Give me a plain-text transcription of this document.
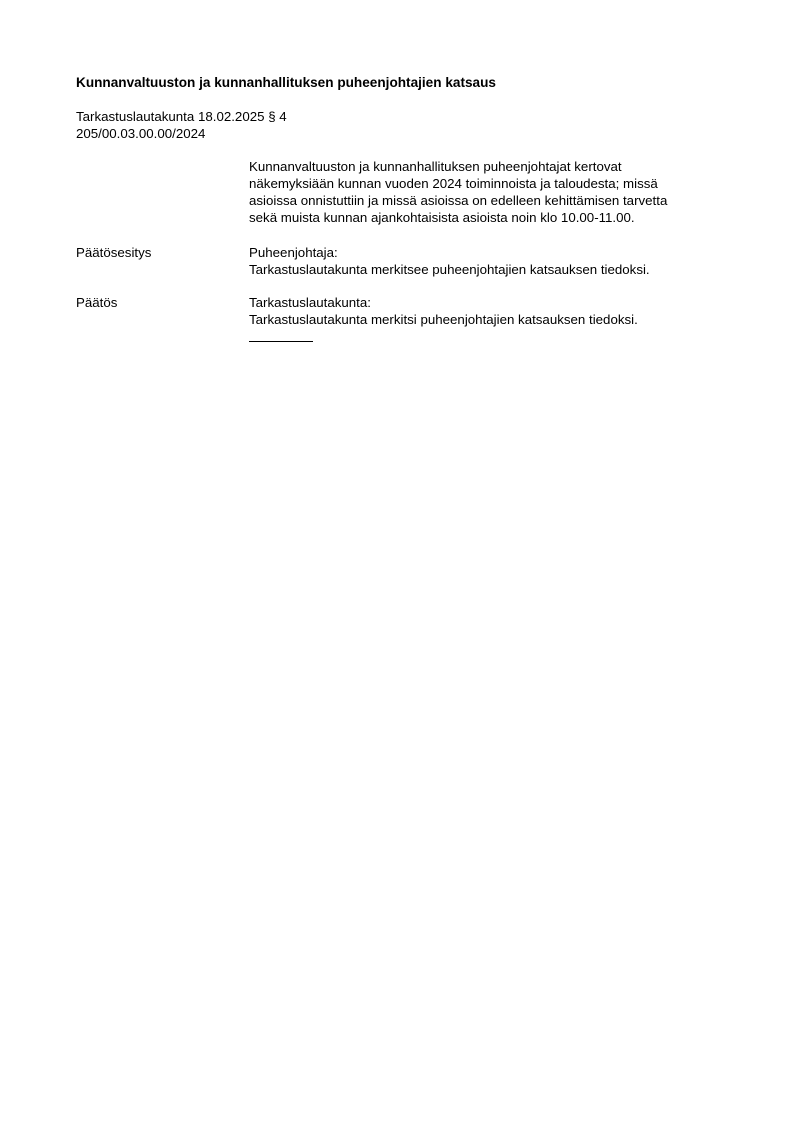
Kunnanvaltuuston ja kunnanhallituksen puheenjohtajien katsaus
Tarkastuslautakunta 18.02.2025 § 4
205/00.03.00.00/2024
Kunnanvaltuuston ja kunnanhallituksen puheenjohtajat kertovat
näkemyksiään kunnan vuoden 2024 toiminnoista ja taloudesta; missä
asioissa onnistuttiin ja missä asioissa on edelleen kehittämisen tarvetta
sekä muista kunnan ajankohtaisista asioista noin klo 10.00-11.00.
Päätösesitys	Puheenjohtaja:
Tarkastuslautakunta merkitsee puheenjohtajien katsauksen tiedoksi.
Päätös	Tarkastuslautakunta:
Tarkastuslautakunta merkitsi puheenjohtajien katsauksen tiedoksi.
